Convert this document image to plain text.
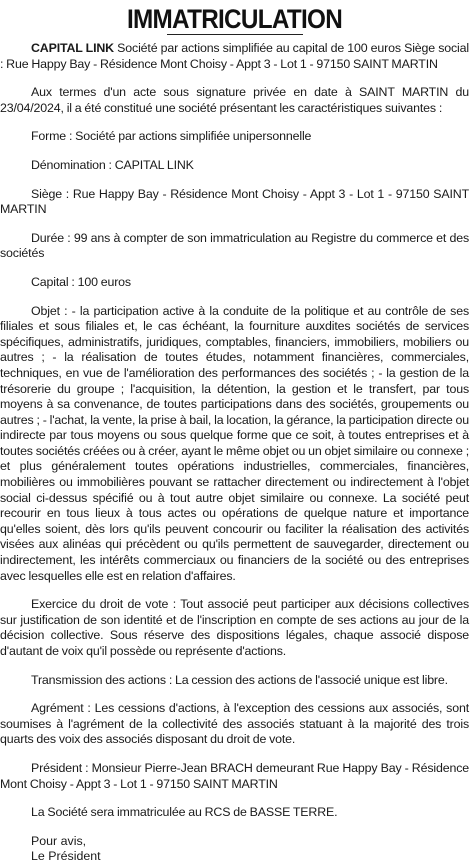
IMMATRICULATION

CAPITAL LINK Société par actions simplifiée au capital de 100 euros Siège social : Rue Happy Bay - Résidence Mont Choisy - Appt 3 - Lot 1 - 97150 SAINT MARTIN

Aux termes d'un acte sous signature privée en date à SAINT MARTIN du 23/04/2024, il a été constitué une société présentant les caractéristiques suivantes :

Forme : Société par actions simplifiée unipersonnelle

Dénomination : CAPITAL LINK

Siège : Rue Happy Bay - Résidence Mont Choisy - Appt 3 - Lot 1 - 97150 SAINT MARTIN

Durée : 99 ans à compter de son immatriculation au Registre du commerce et des sociétés

Capital : 100 euros

Objet : - la participation active à la conduite de la politique et au contrôle de ses filiales et sous filiales et, le cas échéant, la fourniture auxdites sociétés de services spécifiques, administratifs, juridiques, comptables, financiers, immobiliers, mobiliers ou autres ; - la réalisation de toutes études, notamment financières, commerciales, techniques, en vue de l'amélioration des performances des sociétés ; - la gestion de la trésorerie du groupe ; l'acquisition, la détention, la gestion et le transfert, par tous moyens à sa convenance, de toutes participations dans des sociétés, groupements ou autres ; - l'achat, la vente, la prise à bail, la location, la gérance, la participation directe ou indirecte par tous moyens ou sous quelque forme que ce soit, à toutes entreprises et à toutes sociétés créées ou à créer, ayant le même objet ou un objet similaire ou connexe ; et plus généralement toutes opérations industrielles, commerciales, financières, mobilières ou immobilières pouvant se rattacher directement ou indirectement à l'objet social ci-dessus spécifié ou à tout autre objet similaire ou connexe. La société peut recourir en tous lieux à tous actes ou opérations de quelque nature et importance qu'elles soient, dès lors qu'ils peuvent concourir ou faciliter la réalisation des activités visées aux alinéas qui précèdent ou qu'ils permettent de sauvegarder, directement ou indirectement, les intérêts commerciaux ou financiers de la société ou des entreprises avec lesquelles elle est en relation d'affaires.

Exercice du droit de vote : Tout associé peut participer aux décisions collectives sur justification de son identité et de l'inscription en compte de ses actions au jour de la décision collective. Sous réserve des dispositions légales, chaque associé dispose d'autant de voix qu'il possède ou représente d'actions.

Transmission des actions : La cession des actions de l'associé unique est libre.

Agrément : Les cessions d'actions, à l'exception des cessions aux associés, sont soumises à l'agrément de la collectivité des associés statuant à la majorité des trois quarts des voix des associés disposant du droit de vote.

Président : Monsieur Pierre-Jean BRACH demeurant Rue Happy Bay - Résidence Mont Choisy - Appt 3 - Lot 1 - 97150 SAINT MARTIN

La Société sera immatriculée au RCS de BASSE TERRE.

Pour avis,

Le Président
